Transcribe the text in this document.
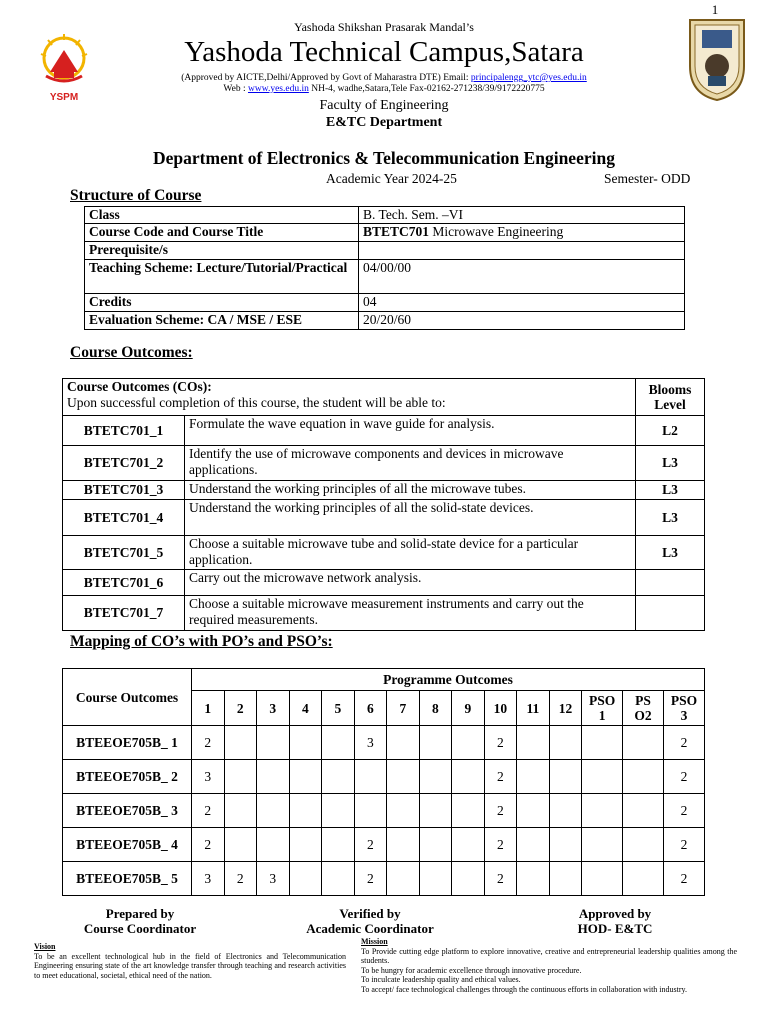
1
YSPM
Yashoda Shikshan Prasarak Mandal’s
Yashoda Technical Campus,Satara
(Approved by AICTE,Delhi/Approved by Govt of Maharastra DTE) Email: principalengg_ytc@yes.edu.in
Web : www.yes.edu.in NH-4, wadhe,Satara,Tele Fax-02162-271238/39/9172220775
Faculty of Engineering
E&TC Department
Department of Electronics & Telecommunication Engineering
Academic Year 2024-25	Semester- ODD
Structure of Course
Class	B. Tech. Sem. –VI
Course Code and Course Title	BTETC701 Microwave Engineering
Prerequisite/s	
Teaching Scheme: Lecture/Tutorial/Practical	04/00/00
Credits	04
Evaluation Scheme: CA / MSE / ESE	20/20/60
Course Outcomes:
Course Outcomes (COs):
Upon successful completion of this course, the student will be able to:		Blooms Level
BTETC701_1	Formulate the wave equation in wave guide for analysis.	L2
BTETC701_2	Identify the use of microwave components and devices in microwave applications.	L3
BTETC701_3	Understand the working principles of all the microwave tubes.	L3
BTETC701_4	Understand the working principles of all the solid-state devices.	L3
BTETC701_5	Choose a suitable microwave tube and solid-state device for a particular application.	L3
BTETC701_6	Carry out the microwave network analysis.	
BTETC701_7	Choose a suitable microwave measurement instruments and carry out the required measurements.	
Mapping of CO’s with PO’s and PSO’s:
Course Outcomes	Programme Outcomes														
	1	2	3	4	5	6	7	8	9	10	11	12	PSO 1	PS O2	PSO 3
BTEEOE705B_ 1	2					3				2					2
BTEEOE705B_ 2	3									2					2
BTEEOE705B_ 3	2									2					2
BTEEOE705B_ 4	2					2				2					2
BTEEOE705B_ 5	3	2	3			2				2					2
Prepared by
Course Coordinator
Verified by
Academic Coordinator
Approved by
HOD- E&TC
Vision
To be an excellent technological hub in the field of Electronics and Telecommunication Engineering ensuring state of the art knowledge transfer through teaching and research activities to meet educational, societal, ethical need of the nation.
Mission
To Provide cutting edge platform to explore innovative, creative and entrepreneurial leadership qualities among the students.
To be hungry for academic excellence through innovative procedure.
To inculcate leadership quality and ethical values.
To accept/ face technological challenges through the continuous efforts in collaboration with industry.
